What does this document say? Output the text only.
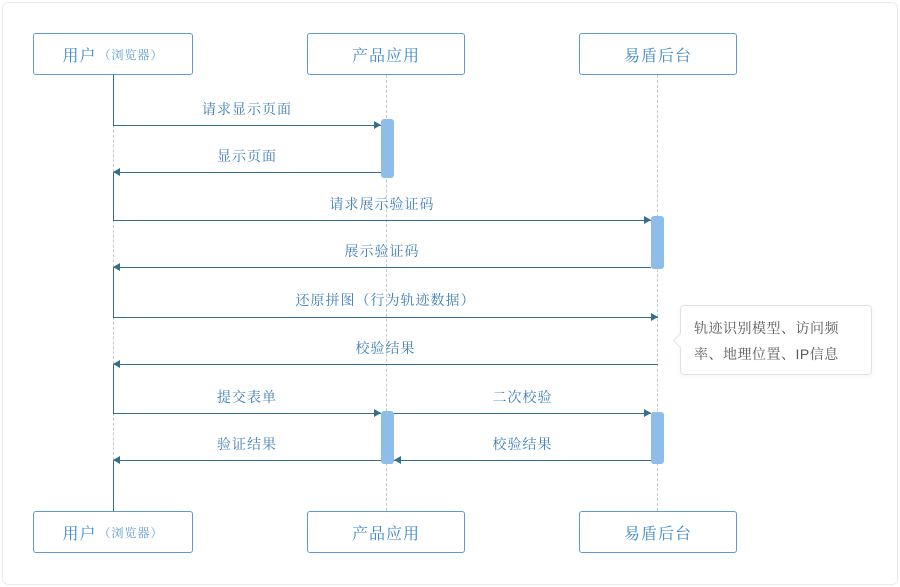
用户 （浏览器）	产品应用	易盾后台
用户 （浏览器）	产品应用	易盾后台
请求显示页面
显示页面
请求展示验证码
展示验证码
还原拼图（行为轨迹数据）
校验结果
提交表单	二次校验
验证结果	校验结果
轨迹识别模型、访问频率、地理位置、IP信息
